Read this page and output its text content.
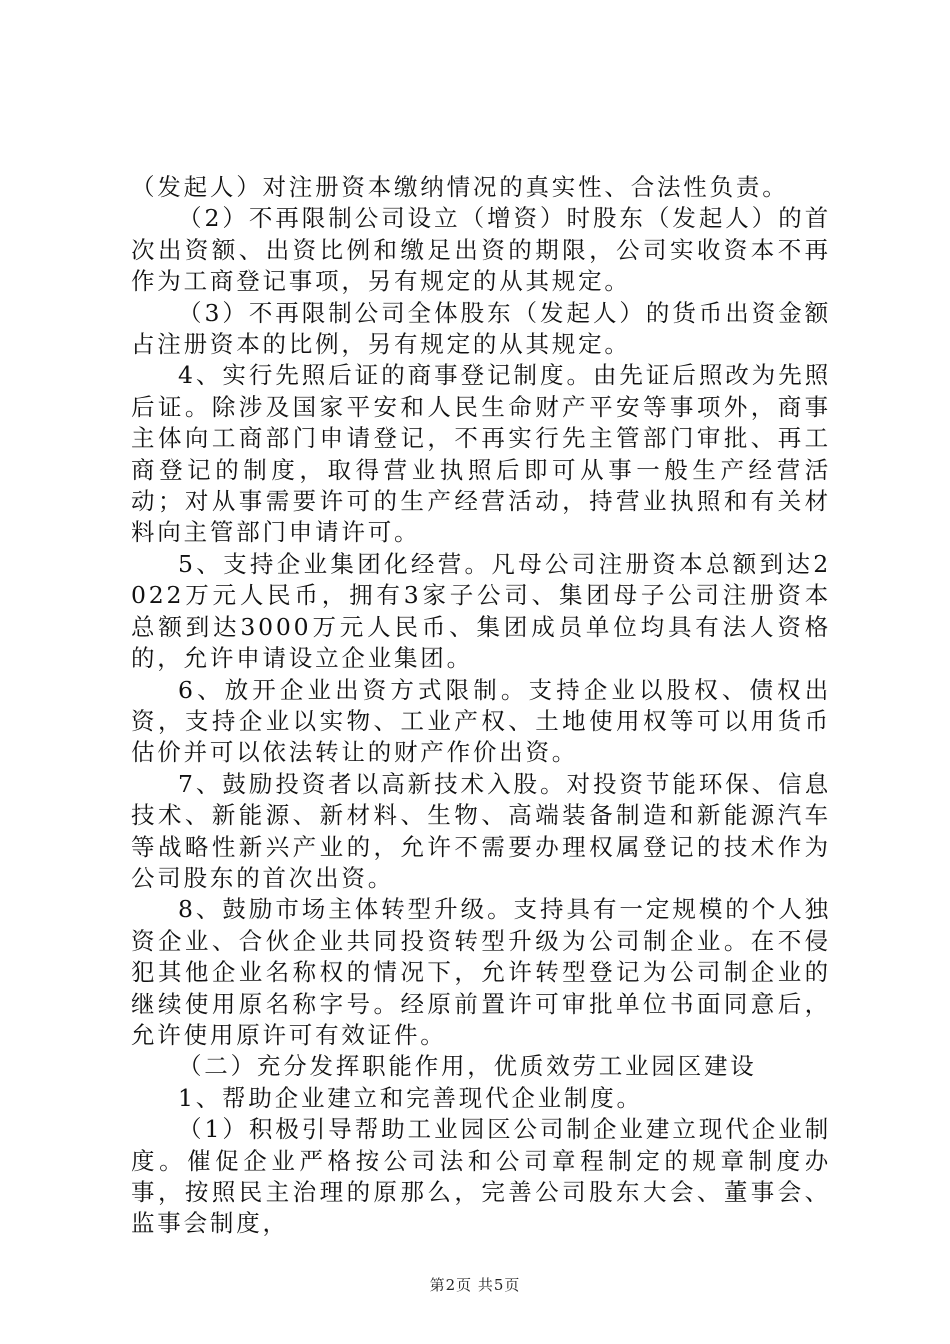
（发起人）对注册资本缴纳情况的真实性、合法性负责。

（2）不再限制公司设立（增资）时股东（发起人）的首次出资额、出资比例和缴足出资的期限，公司实收资本不再作为工商登记事项，另有规定的从其规定。

（3）不再限制公司全体股东（发起人）的货币出资金额占注册资本的比例，另有规定的从其规定。

4、实行先照后证的商事登记制度。由先证后照改为先照后证。除涉及国家平安和人民生命财产平安等事项外，商事主体向工商部门申请登记，不再实行先主管部门审批、再工商登记的制度，取得营业执照后即可从事一般生产经营活动；对从事需要许可的生产经营活动，持营业执照和有关材料向主管部门申请许可。

5、支持企业集团化经营。凡母公司注册资本总额到达2022万元人民币，拥有3家子公司、集团母子公司注册资本总额到达3000万元人民币、集团成员单位均具有法人资格的，允许申请设立企业集团。

6、放开企业出资方式限制。支持企业以股权、债权出资，支持企业以实物、工业产权、土地使用权等可以用货币估价并可以依法转让的财产作价出资。

7、鼓励投资者以高新技术入股。对投资节能环保、信息技术、新能源、新材料、生物、高端装备制造和新能源汽车等战略性新兴产业的，允许不需要办理权属登记的技术作为公司股东的首次出资。

8、鼓励市场主体转型升级。支持具有一定规模的个人独资企业、合伙企业共同投资转型升级为公司制企业。在不侵犯其他企业名称权的情况下，允许转型登记为公司制企业的继续使用原名称字号。经原前置许可审批单位书面同意后，允许使用原许可有效证件。

（二）充分发挥职能作用，优质效劳工业园区建设

1、帮助企业建立和完善现代企业制度。

（1）积极引导帮助工业园区公司制企业建立现代企业制度。催促企业严格按公司法和公司章程制定的规章制度办事，按照民主治理的原那么，完善公司股东大会、董事会、监事会制度，

第2页 共5页
